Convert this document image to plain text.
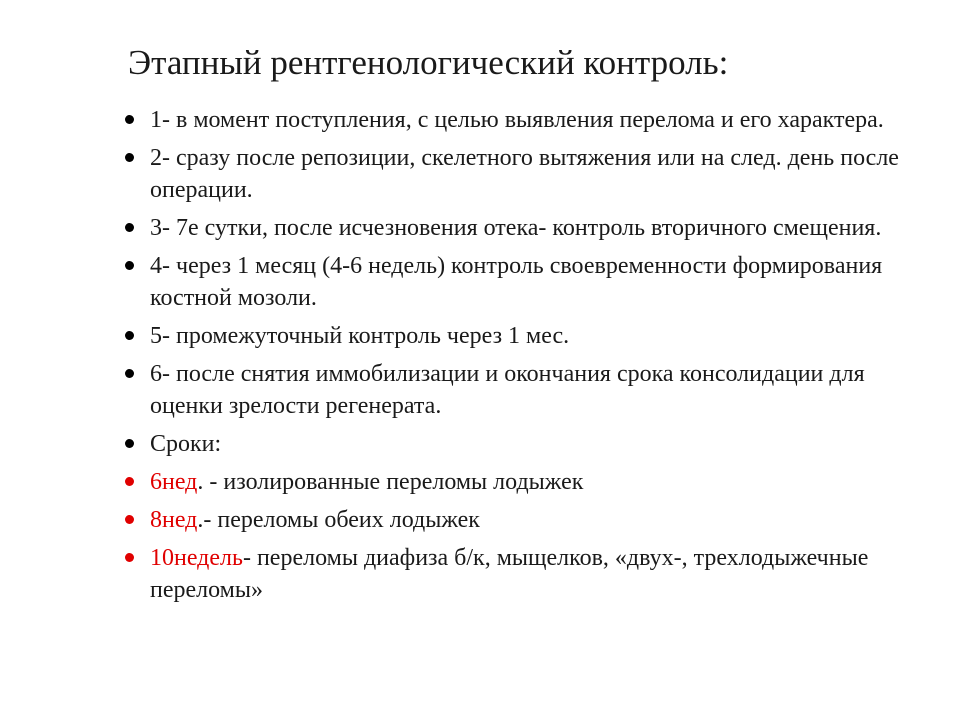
Этапный рентгенологический контроль:
1- в момент поступления, с целью выявления перелома и его характера.
2- сразу после репозиции, скелетного вытяжения или на след. день после операции.
3- 7е сутки, после исчезновения отека- контроль вторичного смещения.
4- через 1 месяц (4-6 недель) контроль своевременности формирования костной мозоли.
5- промежуточный контроль через 1 мес.
6- после снятия иммобилизации и окончания срока консолидации для оценки зрелости регенерата.
Сроки:
6нед. - изолированные переломы лодыжек
8нед.- переломы обеих лодыжек
10недель- переломы диафиза б/к, мыщелков, «двух-, трехлодыжечные переломы»
